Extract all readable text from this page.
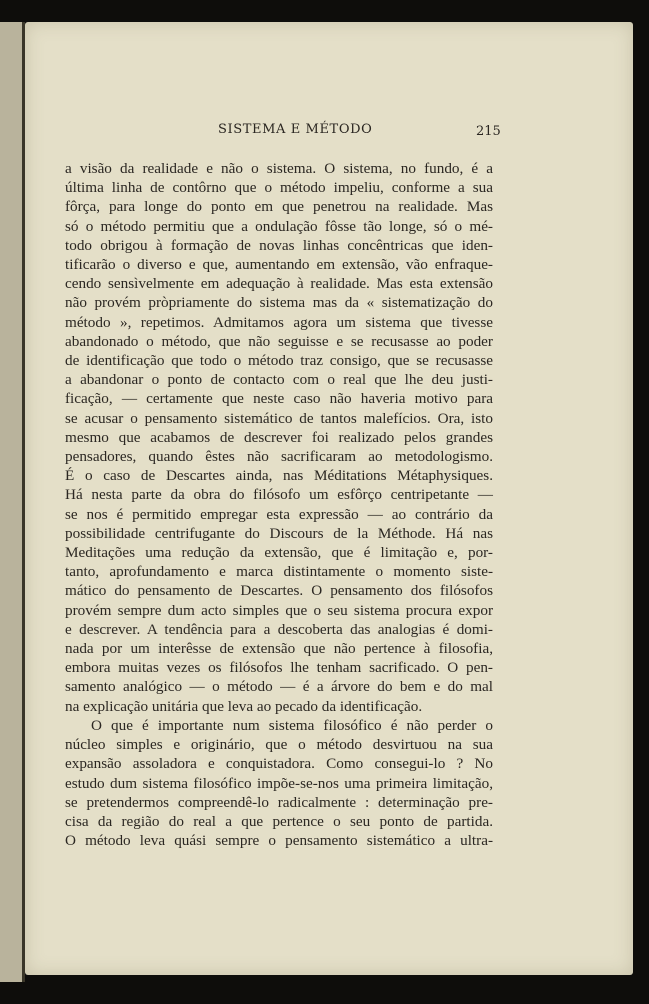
SISTEMA E MÉTODO	215
a visão da realidade e não o sistema. O sistema, no fundo, é a
última linha de contôrno que o método impeliu, conforme a sua
fôrça, para longe do ponto em que penetrou na realidade. Mas
só o método permitiu que a ondulação fôsse tão longe, só o mé-
todo obrigou à formação de novas linhas concêntricas que iden-
tificarão o diverso e que, aumentando em extensão, vão enfraque-
cendo sensìvelmente em adequação à realidade. Mas esta extensão
não provém pròpriamente do sistema mas da « sistematização do
método », repetimos. Admitamos agora um sistema que tivesse
abandonado o método, que não seguisse e se recusasse ao poder
de identificação que todo o método traz consigo, que se recusasse
a abandonar o ponto de contacto com o real que lhe deu justi-
ficação, — certamente que neste caso não haveria motivo para
se acusar o pensamento sistemático de tantos malefícios. Ora, isto
mesmo que acabamos de descrever foi realizado pelos grandes
pensadores, quando êstes não sacrificaram ao metodologismo.
É o caso de Descartes ainda, nas Méditations Métaphysiques.
Há nesta parte da obra do filósofo um esfôrço centripetante —
se nos é permitido empregar esta expressão — ao contrário da
possibilidade centrifugante do Discours de la Méthode. Há nas
Meditações uma redução da extensão, que é limitação e, por-
tanto, aprofundamento e marca distintamente o momento siste-
mático do pensamento de Descartes. O pensamento dos filósofos
provém sempre dum acto simples que o seu sistema procura expor
e descrever. A tendência para a descoberta das analogias é domi-
nada por um interêsse de extensão que não pertence à filosofia,
embora muitas vezes os filósofos lhe tenham sacrificado. O pen-
samento analógico — o método — é a árvore do bem e do mal
na explicação unitária que leva ao pecado da identificação.
O que é importante num sistema filosófico é não perder o
núcleo simples e originário, que o método desvirtuou na sua
expansão assoladora e conquistadora. Como consegui-lo ? No
estudo dum sistema filosófico impõe-se-nos uma primeira limitação,
se pretendermos compreendê-lo radicalmente : determinação pre-
cisa da região do real a que pertence o seu ponto de partida.
O método leva quási sempre o pensamento sistemático a ultra-
